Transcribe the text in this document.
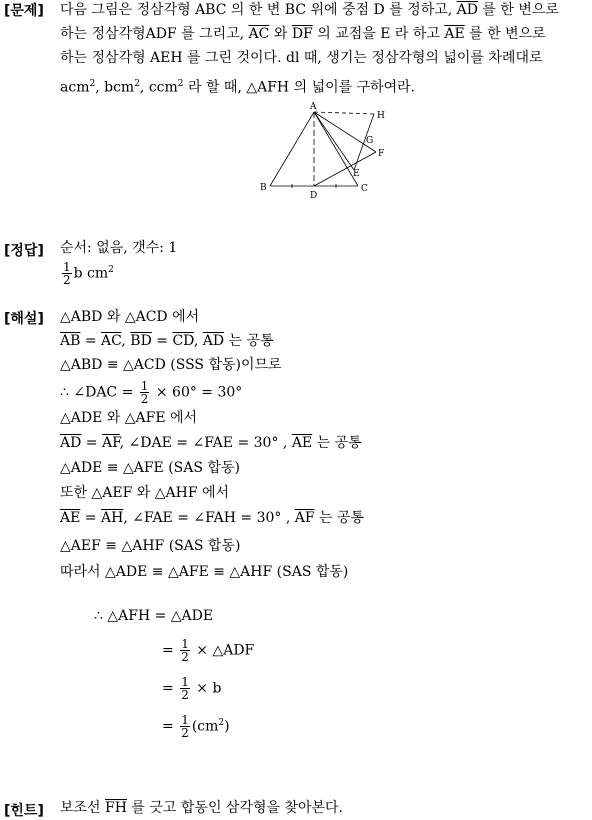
[문제] 다음 그림은 정삼각형 ABC 의 한 변 BC 위에 중점 D 를 정하고, $\overline{AD}$ 를 한 변으로
하는 정삼각형ADF 를 그리고, $\overline{AC}$ 와 $\overline{DF}$ 의 교점을 E 라 하고 $\overline{AE}$ 를 한 변으로
하는 정삼각형 AEH 를 그린 것이다. dl 때, 생기는 정삼각형의 넓이를 차례대로
acm$^2$, bcm$^2$, ccm$^2$ 라 할 때, △AFH 의 넓이를 구하여라.
A
H
G
F
E
B
D
C
[정답] 순서: 없음, 갯수: 1
$\frac{1}{2}$ b $cm^2$
[해설] △ABD 와 △ACD 에서
$\overline{AB} = \overline{AC}$, $\overline{BD} = \overline{CD}$, $\overline{AD}$ 는 공통
△ABD ≡ △ACD (SSS 합동)이므로
∴ ∠DAC = $\frac{1}{2} \times 60^\circ = 30^\circ$
△ADE 와 △AFE 에서
$\overline{AD} = \overline{AF}$, ∠DAE = ∠FAE = 30° , $\overline{AE}$ 는 공통
△ADE ≡ △AFE (SAS 합동)
또한 △AEF 와 △AHF 에서
$\overline{AE} = \overline{AH}$, ∠FAE = ∠FAH = 30° , $\overline{AF}$ 는 공통
△AEF ≡ △AHF (SAS 합동)
따라서 △ADE ≡ △AFE ≡ △AHF (SAS 합동)
∴ △AFH = △ADE
= $\frac{1}{2}$ × △ADF
= $\frac{1}{2} \times b$
= $\frac{1}{2} (cm^2)$
[힌트] 보조선 $\overline{FH}$ 를 긋고 합동인 삼각형을 찾아본다.
